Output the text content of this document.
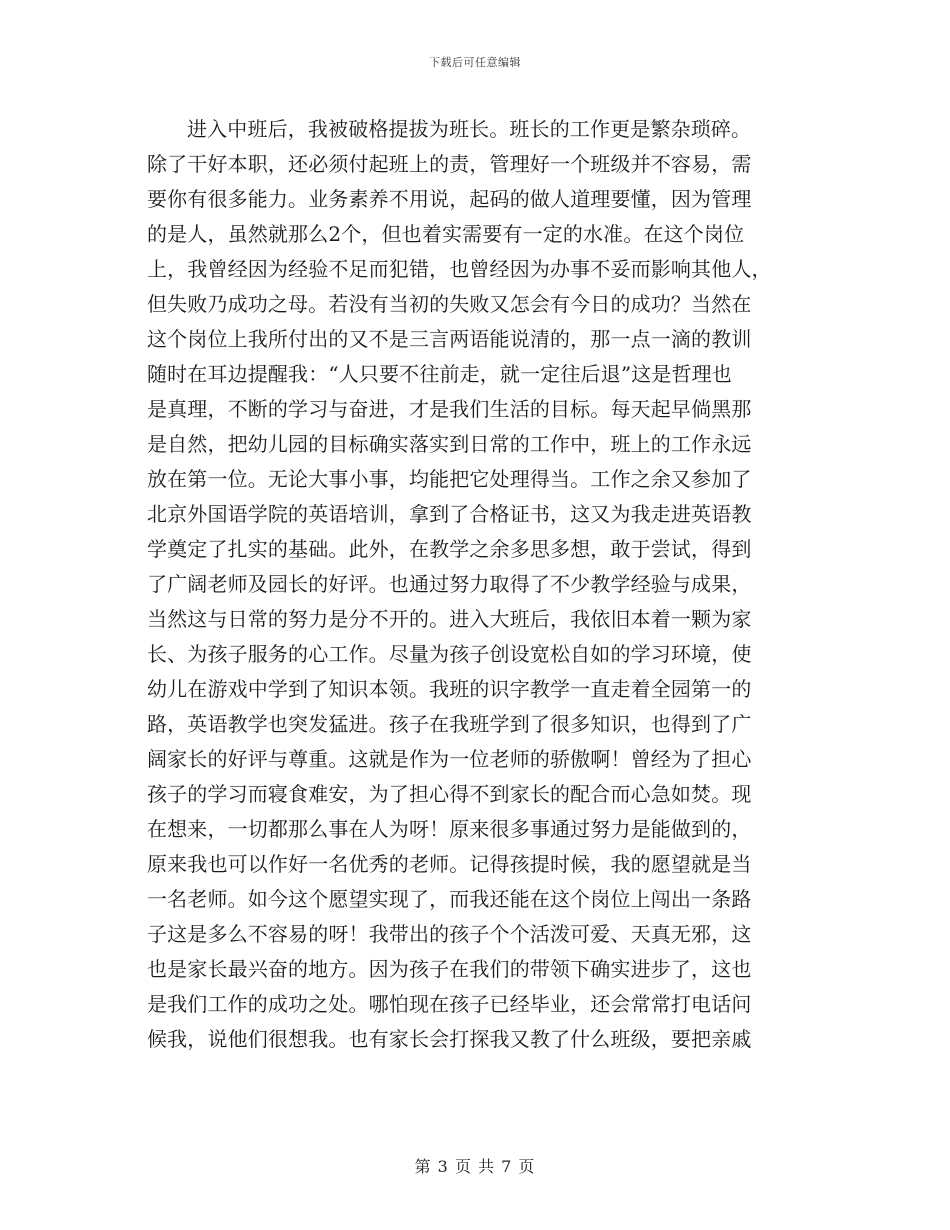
下载后可任意编辑
进入中班后，我被破格提拔为班长。班长的工作更是繁杂琐碎。
除了干好本职，还必须付起班上的责，管理好一个班级并不容易，需
要你有很多能力。业务素养不用说，起码的做人道理要懂，因为管理
的是人，虽然就那么2个，但也着实需要有一定的水准。在这个岗位
上，我曾经因为经验不足而犯错，也曾经因为办事不妥而影响其他人，
但失败乃成功之母。若没有当初的失败又怎会有今日的成功？当然在
这个岗位上我所付出的又不是三言两语能说清的，那一点一滴的教训
随时在耳边提醒我：“人只要不往前走，就一定往后退”这是哲理也
是真理，不断的学习与奋进，才是我们生活的目标。每天起早倘黑那
是自然，把幼儿园的目标确实落实到日常的工作中，班上的工作永远
放在第一位。无论大事小事，均能把它处理得当。工作之余又参加了
北京外国语学院的英语培训，拿到了合格证书，这又为我走进英语教
学奠定了扎实的基础。此外，在教学之余多思多想，敢于尝试，得到
了广阔老师及园长的好评。也通过努力取得了不少教学经验与成果，
当然这与日常的努力是分不开的。进入大班后，我依旧本着一颗为家
长、为孩子服务的心工作。尽量为孩子创设宽松自如的学习环境，使
幼儿在游戏中学到了知识本领。我班的识字教学一直走着全园第一的
路，英语教学也突发猛进。孩子在我班学到了很多知识，也得到了广
阔家长的好评与尊重。这就是作为一位老师的骄傲啊！曾经为了担心
孩子的学习而寝食难安，为了担心得不到家长的配合而心急如焚。现
在想来，一切都那么事在人为呀！原来很多事通过努力是能做到的，
原来我也可以作好一名优秀的老师。记得孩提时候，我的愿望就是当
一名老师。如今这个愿望实现了，而我还能在这个岗位上闯出一条路
子这是多么不容易的呀！我带出的孩子个个活泼可爱、天真无邪，这
也是家长最兴奋的地方。因为孩子在我们的带领下确实进步了，这也
是我们工作的成功之处。哪怕现在孩子已经毕业，还会常常打电话问
候我，说他们很想我。也有家长会打探我又教了什么班级，要把亲戚
第 3 页 共 7 页
